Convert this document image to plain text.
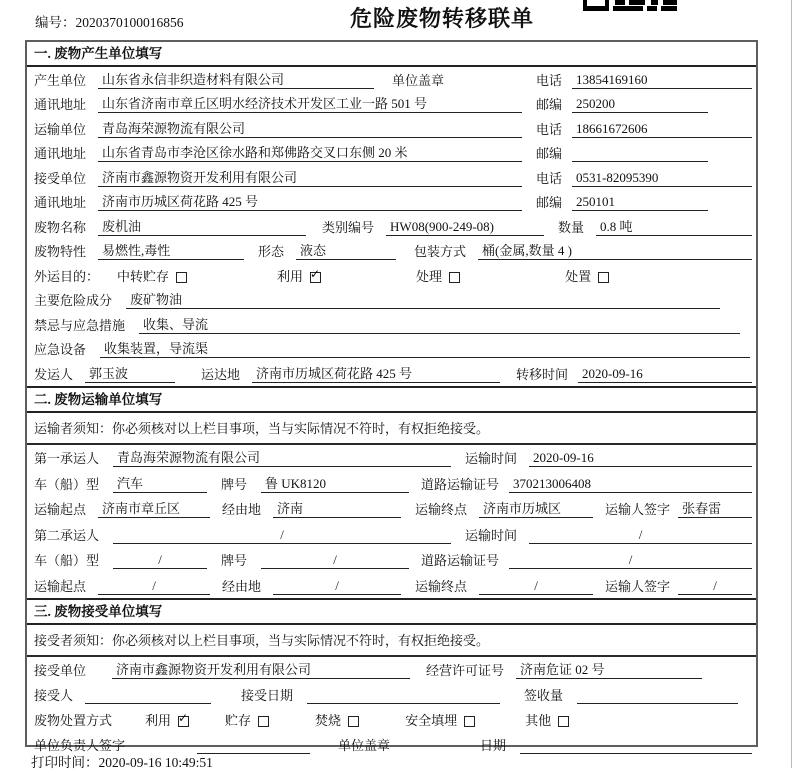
编号：2020370100016856	危险废物转移联单
一. 废物产生单位填写
产生单位	山东省永信非织造材料有限公司	单位盖章	电话	13854169160
通讯地址	山东省济南市章丘区明水经济技术开发区工业一路 501 号	邮编	250200
运输单位	青岛海荣源物流有限公司	电话	18661672606
通讯地址	山东省青岛市李沧区徐水路和郑佛路交叉口东侧 20 米	邮编
接受单位	济南市鑫源物资开发利用有限公司	电话	0531-82095390
通讯地址	济南市历城区荷花路 425 号	邮编	250101
废物名称	废机油	类别编号	HW08(900-249-08)	数量	0.8 吨
废物特性	易燃性,毒性	形态	液态	包装方式	桶(金属,数量 4 )
外运目的： 中转贮存	利用 ✓	处理	处置
主要危险成分	废矿物油
禁忌与应急措施	收集、导流
应急设备	收集装置，导流渠
发运人	郭玉波	运达地	济南市历城区荷花路 425 号	转移时间	2020-09-16
二. 废物运输单位填写
运输者须知： 你必须核对以上栏目事项，当与实际情况不符时，有权拒绝接受。
第一承运人	青岛海荣源物流有限公司	运输时间	2020-09-16
车（船）型	汽车	牌号	鲁 UK8120	道路运输证号	370213006408
运输起点	济南市章丘区	经由地	济南	运输终点	济南市历城区	运输人签字 张春雷
第二承运人	/	运输时间	/
车（船）型	/	牌号	/	道路运输证号	/
运输起点	/	经由地	/	运输终点	/	运输人签字	/
三. 废物接受单位填写
接受者须知： 你必须核对以上栏目事项，当与实际情况不符时，有权拒绝接受。
接受单位	济南市鑫源物资开发利用有限公司	经营许可证号	济南危证 02 号
接受人	接受日期	签收量
废物处置方式	利用 ✓	贮存	焚烧	安全填埋	其他
单位负责人签字	单位盖章	日期
打印时间：2020-09-16 10:49:51
